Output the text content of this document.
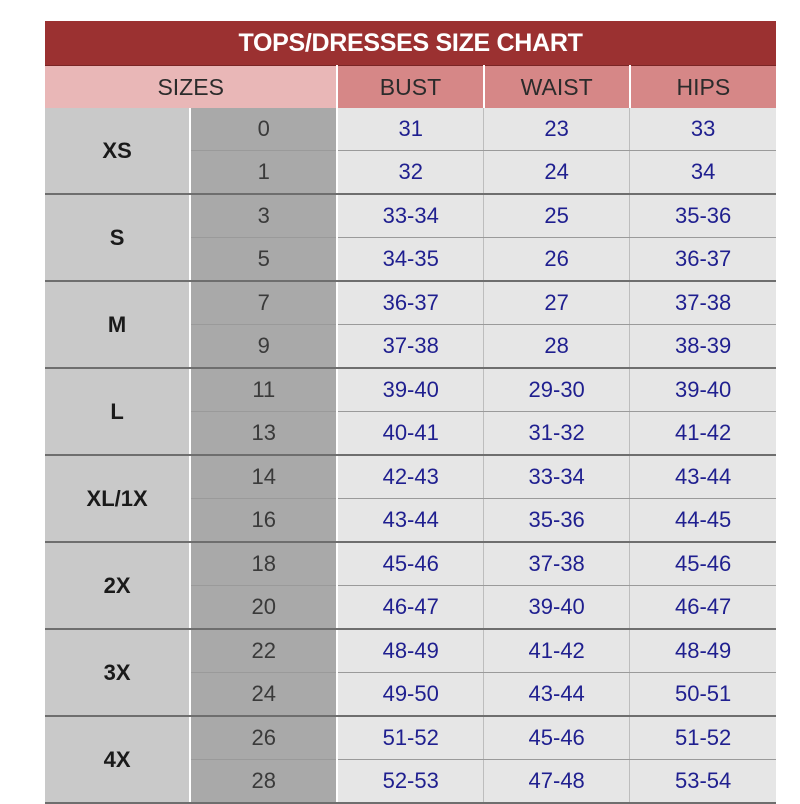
TOPS/DRESSES SIZE CHART				
SIZES		BUST	WAIST	HIPS
XS	0	31	23	33
	1	32	24	34
S	3	33-34	25	35-36
	5	34-35	26	36-37
M	7	36-37	27	37-38
	9	37-38	28	38-39
L	11	39-40	29-30	39-40
	13	40-41	31-32	41-42
XL/1X	14	42-43	33-34	43-44
	16	43-44	35-36	44-45
2X	18	45-46	37-38	45-46
	20	46-47	39-40	46-47
3X	22	48-49	41-42	48-49
	24	49-50	43-44	50-51
4X	26	51-52	45-46	51-52
	28	52-53	47-48	53-54
